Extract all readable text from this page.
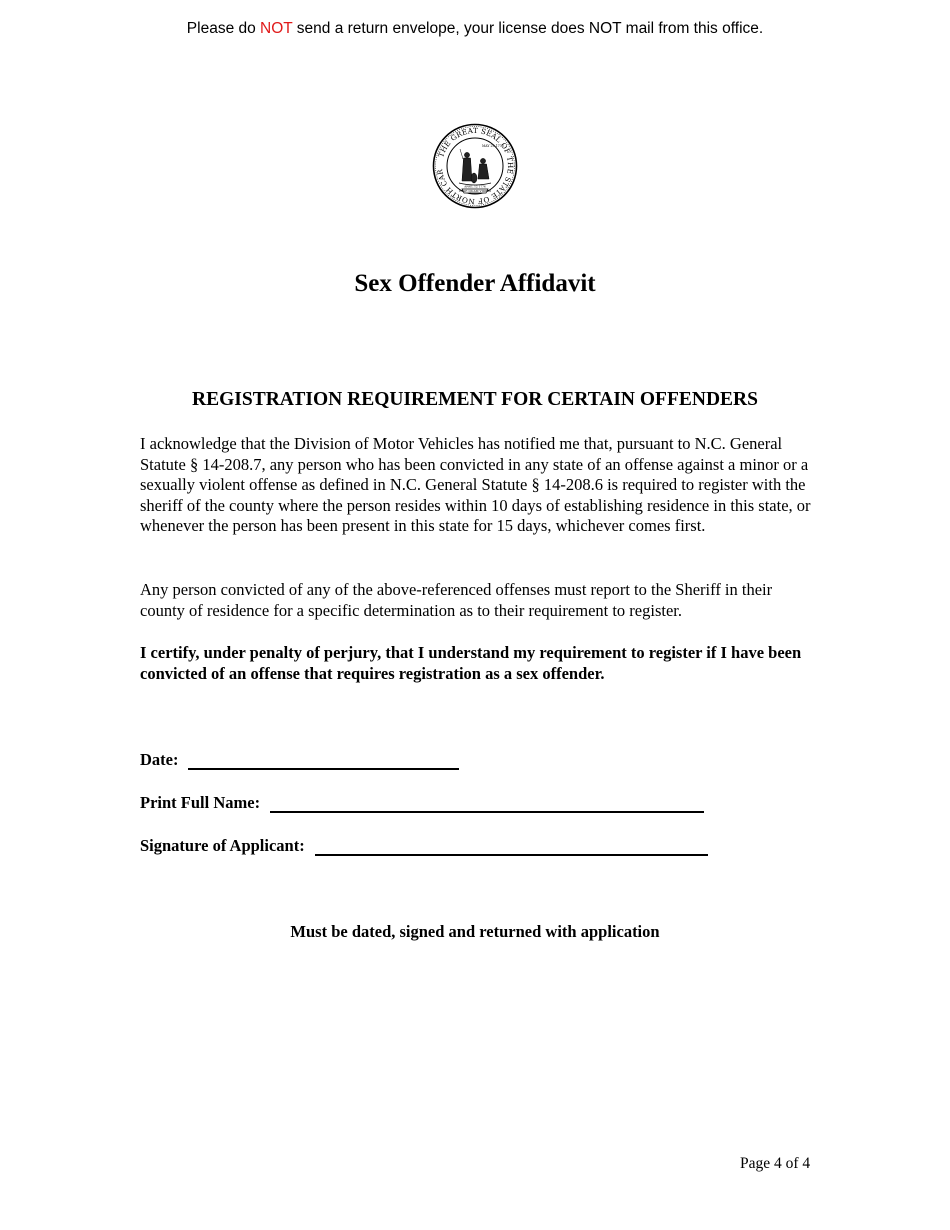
Please do NOT send a return envelope, your license does NOT mail from this office.
THE GREAT SEAL OF THE STATE OF NORTH CAR
MAY 20 1775
APRIL 12 1776
ESSE QUAM VIDERI
Sex Offender Affidavit
REGISTRATION REQUIREMENT FOR CERTAIN OFFENDERS

I acknowledge that the Division of Motor Vehicles has notified me that, pursuant to N.C. General Statute § 14-208.7, any person who has been convicted in any state of an offense against a minor or a sexually violent offense as defined in N.C. General Statute § 14-208.6 is required to register with the sheriff of the county where the person resides within 10 days of establishing residence in this state, or whenever the person has been present in this state for 15 days, whichever comes first.

Any person convicted of any of the above-referenced offenses must report to the Sheriff in their county of residence for a specific determination as to their requirement to register.

I certify, under penalty of perjury, that I understand my requirement to register if I have been convicted of an offense that requires registration as a sex offender.

Date:
Print Full Name:
Signature of Applicant:
Must be dated, signed and returned with application
Page 4 of 4
